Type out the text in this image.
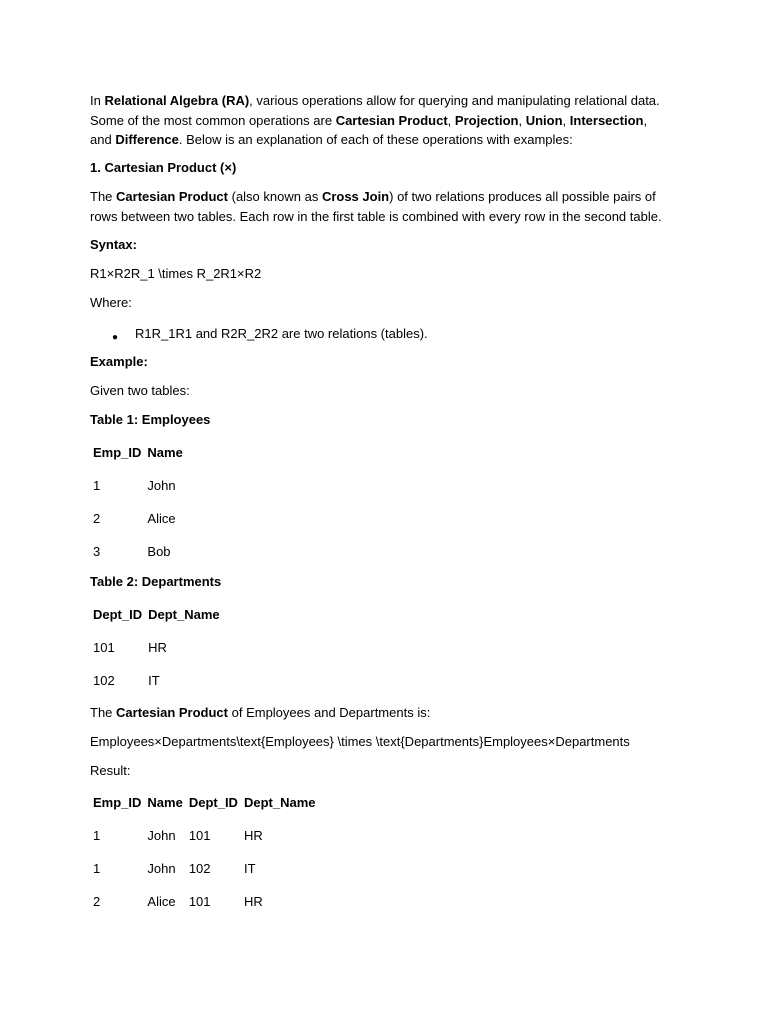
In Relational Algebra (RA), various operations allow for querying and manipulating relational data.
Some of the most common operations are Cartesian Product, Projection, Union, Intersection,
and Difference. Below is an explanation of each of these operations with examples:
1. Cartesian Product (×)
The Cartesian Product (also known as Cross Join) of two relations produces all possible pairs of
rows between two tables. Each row in the first table is combined with every row in the second table.
Syntax:
R1×R2R_1 \times R_2R1×R2
Where:
● R1R_1R1 and R2R_2R2 are two relations (tables).
Example:
Given two tables:
Table 1: Employees
Emp_ID	Name
1	John
2	Alice
3	Bob
Table 2: Departments
Dept_ID	Dept_Name
101	HR
102	IT
The Cartesian Product of Employees and Departments is:
Employees×Departments\text{Employees} \times \text{Departments}Employees×Departments
Result:
Emp_ID	Name	Dept_ID	Dept_Name
1	John	101	HR
1	John	102	IT
2	Alice	101	HR
